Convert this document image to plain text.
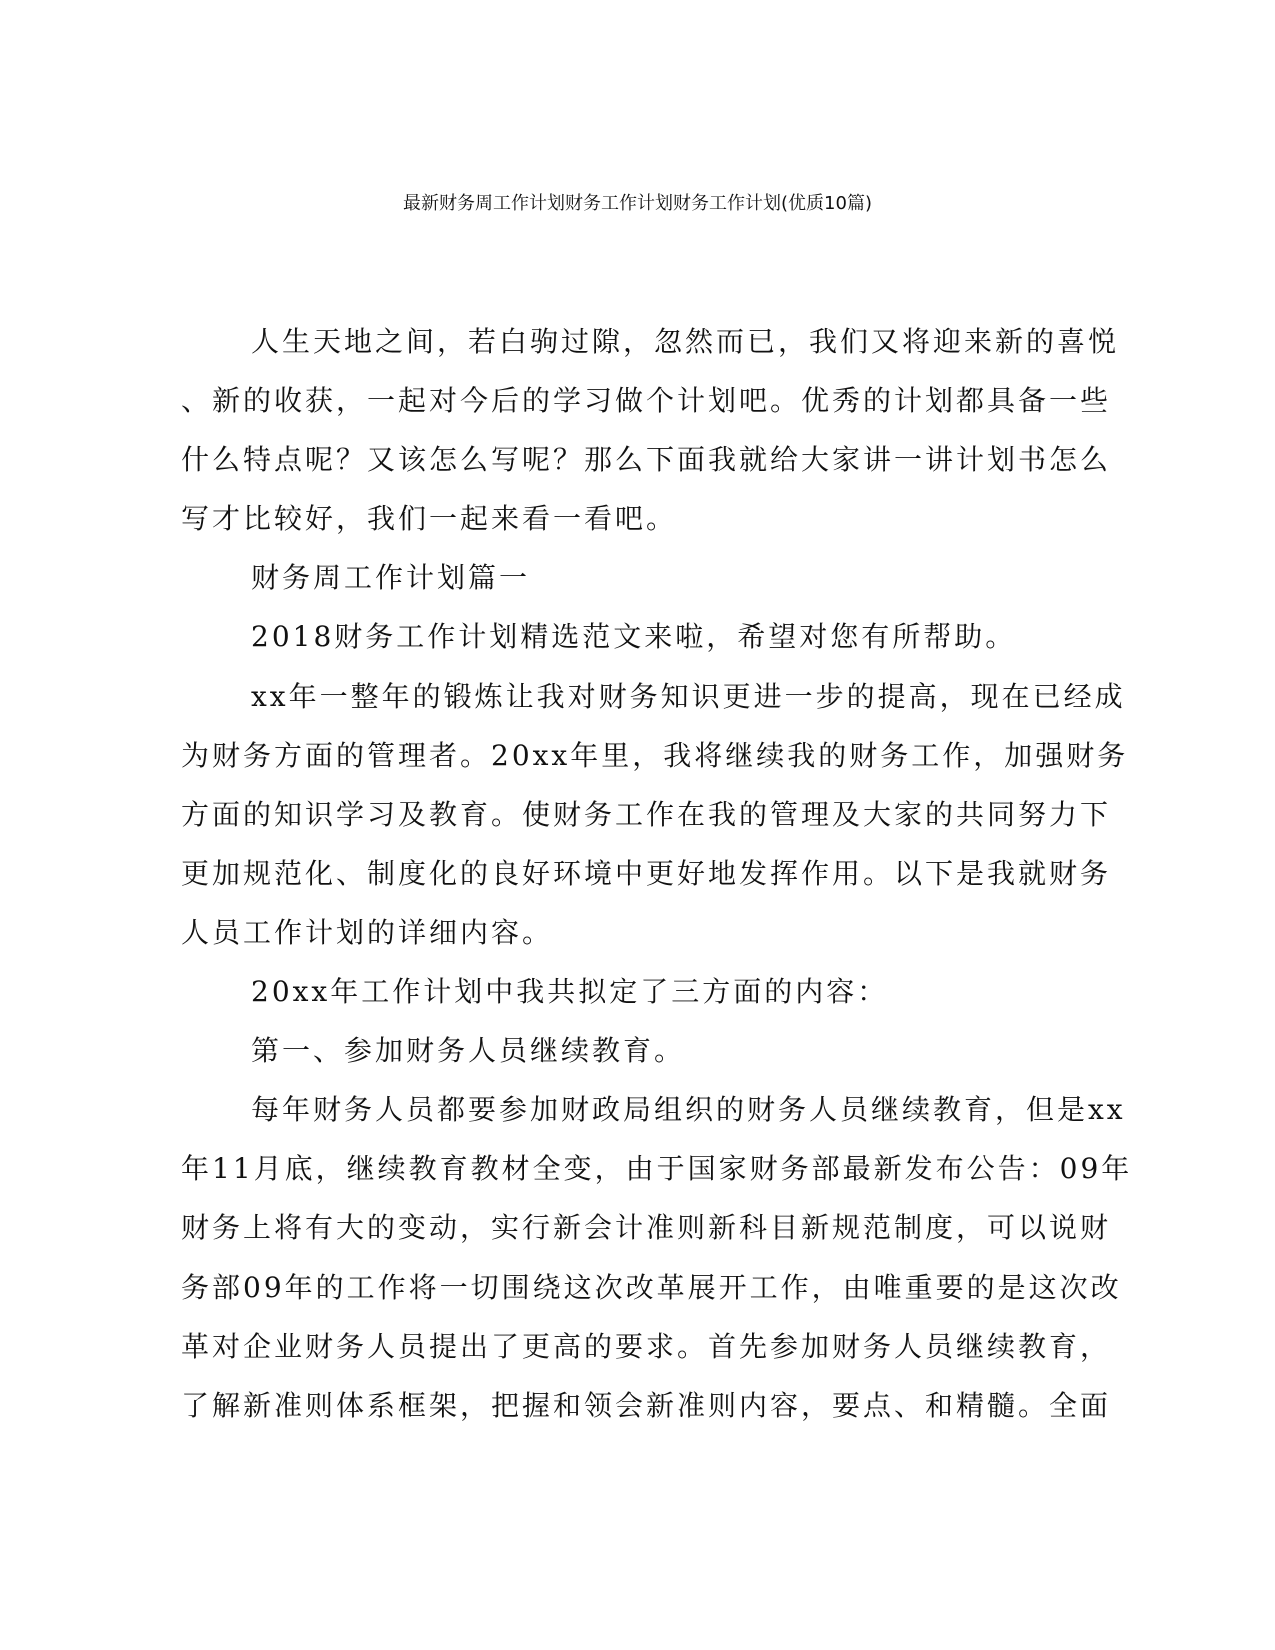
最新财务周工作计划财务工作计划财务工作计划(优质10篇)
人生天地之间，若白驹过隙，忽然而已，我们又将迎来新的喜悦
、新的收获，一起对今后的学习做个计划吧。优秀的计划都具备一些
什么特点呢？又该怎么写呢？那么下面我就给大家讲一讲计划书怎么
写才比较好，我们一起来看一看吧。
财务周工作计划篇一
2018财务工作计划精选范文来啦，希望对您有所帮助。
xx年一整年的锻炼让我对财务知识更进一步的提高，现在已经成
为财务方面的管理者。20xx年里，我将继续我的财务工作，加强财务
方面的知识学习及教育。使财务工作在我的管理及大家的共同努力下
更加规范化、制度化的良好环境中更好地发挥作用。以下是我就财务
人员工作计划的详细内容。
20xx年工作计划中我共拟定了三方面的内容：
第一、参加财务人员继续教育。
每年财务人员都要参加财政局组织的财务人员继续教育，但是xx
年11月底，继续教育教材全变，由于国家财务部最新发布公告：09年
财务上将有大的变动，实行新会计准则新科目新规范制度，可以说财
务部09年的工作将一切围绕这次改革展开工作，由唯重要的是这次改
革对企业财务人员提出了更高的要求。首先参加财务人员继续教育，
了解新准则体系框架，把握和领会新准则内容，要点、和精髓。全面
